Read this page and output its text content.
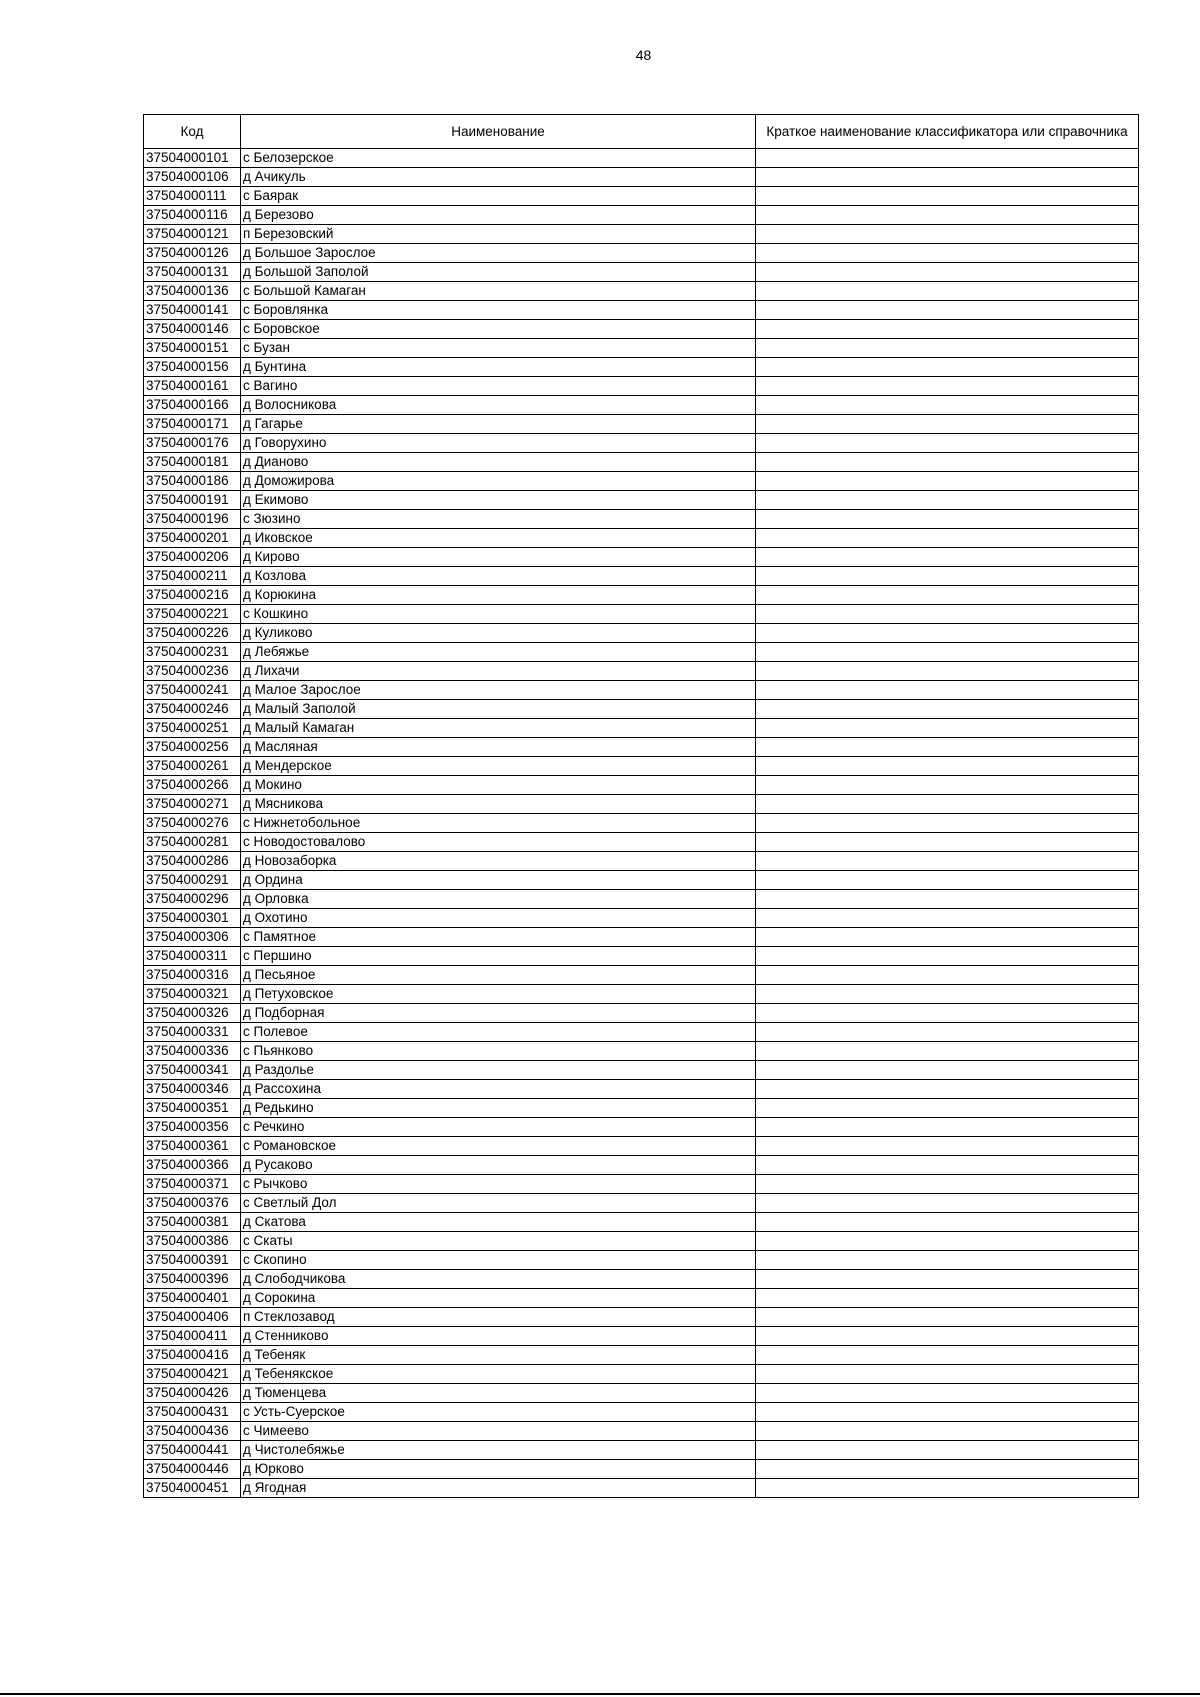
48
Код	Наименование	Краткое наименование классификатора или справочника
37504000101	с Белозерское	
37504000106	д Ачикуль	
37504000111	с Баярак	
37504000116	д Березово	
37504000121	п Березовский	
37504000126	д Большое Зарослое	
37504000131	д Большой Заполой	
37504000136	с Большой Камаган	
37504000141	с Боровлянка	
37504000146	с Боровское	
37504000151	с Бузан	
37504000156	д Бунтина	
37504000161	с Вагино	
37504000166	д Волосникова	
37504000171	д Гагарье	
37504000176	д Говорухино	
37504000181	д Дианово	
37504000186	д Доможирова	
37504000191	д Екимово	
37504000196	с Зюзино	
37504000201	д Иковское	
37504000206	д Кирово	
37504000211	д Козлова	
37504000216	д Корюкина	
37504000221	с Кошкино	
37504000226	д Куликово	
37504000231	д Лебяжье	
37504000236	д Лихачи	
37504000241	д Малое Зарослое	
37504000246	д Малый Заполой	
37504000251	д Малый Камаган	
37504000256	д Масляная	
37504000261	д Мендерское	
37504000266	д Мокино	
37504000271	д Мясникова	
37504000276	с Нижнетобольное	
37504000281	с Новодостовалово	
37504000286	д Новозаборка	
37504000291	д Ордина	
37504000296	д Орловка	
37504000301	д Охотино	
37504000306	с Памятное	
37504000311	с Першино	
37504000316	д Песьяное	
37504000321	д Петуховское	
37504000326	д Подборная	
37504000331	с Полевое	
37504000336	с Пьянково	
37504000341	д Раздолье	
37504000346	д Рассохина	
37504000351	д Редькино	
37504000356	с Речкино	
37504000361	с Романовское	
37504000366	д Русаково	
37504000371	с Рычково	
37504000376	с Светлый Дол	
37504000381	д Скатова	
37504000386	с Скаты	
37504000391	с Скопино	
37504000396	д Слободчикова	
37504000401	д Сорокина	
37504000406	п Стеклозавод	
37504000411	д Стенниково	
37504000416	д Тебеняк	
37504000421	д Тебенякское	
37504000426	д Тюменцева	
37504000431	с Усть-Суерское	
37504000436	с Чимеево	
37504000441	д Чистолебяжье	
37504000446	д Юрково	
37504000451	д Ягодная	
